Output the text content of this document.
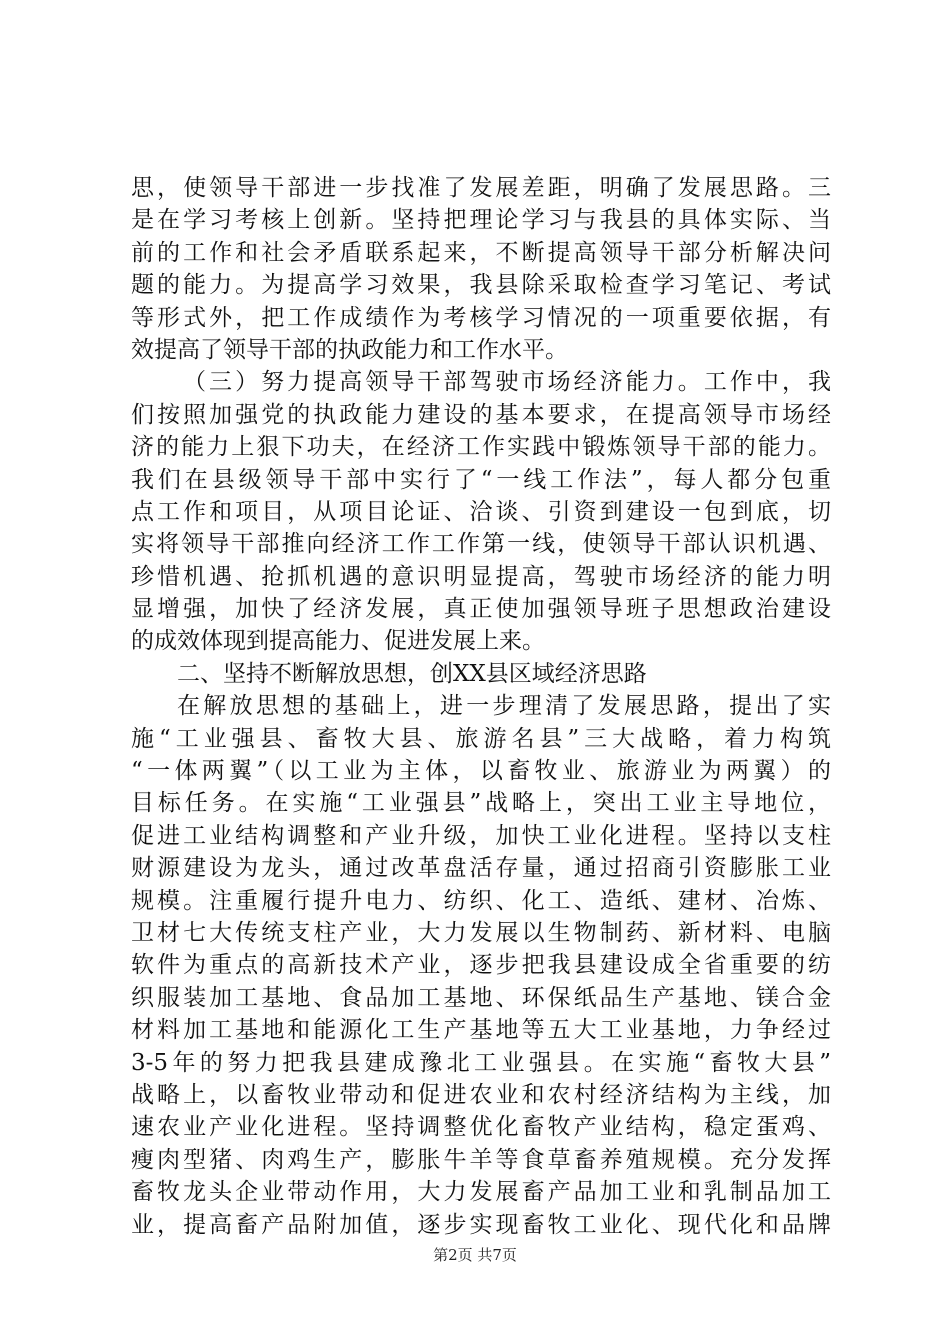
思，使领导干部进一步找准了发展差距，明确了发展思路。三
是在学习考核上创新。坚持把理论学习与我县的具体实际、当
前的工作和社会矛盾联系起来，不断提高领导干部分析解决问
题的能力。为提高学习效果，我县除采取检查学习笔记、考试
等形式外，把工作成绩作为考核学习情况的一项重要依据，有
效提高了领导干部的执政能力和工作水平。
（三）努力提高领导干部驾驶市场经济能力。工作中，我
们按照加强党的执政能力建设的基本要求，在提高领导市场经
济的能力上狠下功夫，在经济工作实践中锻炼领导干部的能力。
我们在县级领导干部中实行了“一线工作法”，每人都分包重
点工作和项目，从项目论证、洽谈、引资到建设一包到底，切
实将领导干部推向经济工作工作第一线，使领导干部认识机遇、
珍惜机遇、抢抓机遇的意识明显提高，驾驶市场经济的能力明
显增强，加快了经济发展，真正使加强领导班子思想政治建设
的成效体现到提高能力、促进发展上来。
二、坚持不断解放思想，创XX县区域经济思路
在解放思想的基础上，进一步理清了发展思路，提出了实
施“工业强县、畜牧大县、旅游名县”三大战略，着力构筑
“一体两翼”（以工业为主体，以畜牧业、旅游业为两翼）的
目标任务。在实施“工业强县”战略上，突出工业主导地位，
促进工业结构调整和产业升级，加快工业化进程。坚持以支柱
财源建设为龙头，通过改革盘活存量，通过招商引资膨胀工业
规模。注重履行提升电力、纺织、化工、造纸、建材、冶炼、
卫材七大传统支柱产业，大力发展以生物制药、新材料、电脑
软件为重点的高新技术产业，逐步把我县建设成全省重要的纺
织服装加工基地、食品加工基地、环保纸品生产基地、镁合金
材料加工基地和能源化工生产基地等五大工业基地，力争经过
3-5年的努力把我县建成豫北工业强县。在实施“畜牧大县”
战略上，以畜牧业带动和促进农业和农村经济结构为主线，加
速农业产业化进程。坚持调整优化畜牧产业结构，稳定蛋鸡、
瘦肉型猪、肉鸡生产，膨胀牛羊等食草畜养殖规模。充分发挥
畜牧龙头企业带动作用，大力发展畜产品加工业和乳制品加工
业，提高畜产品附加值，逐步实现畜牧工业化、现代化和品牌
第2页 共7页
